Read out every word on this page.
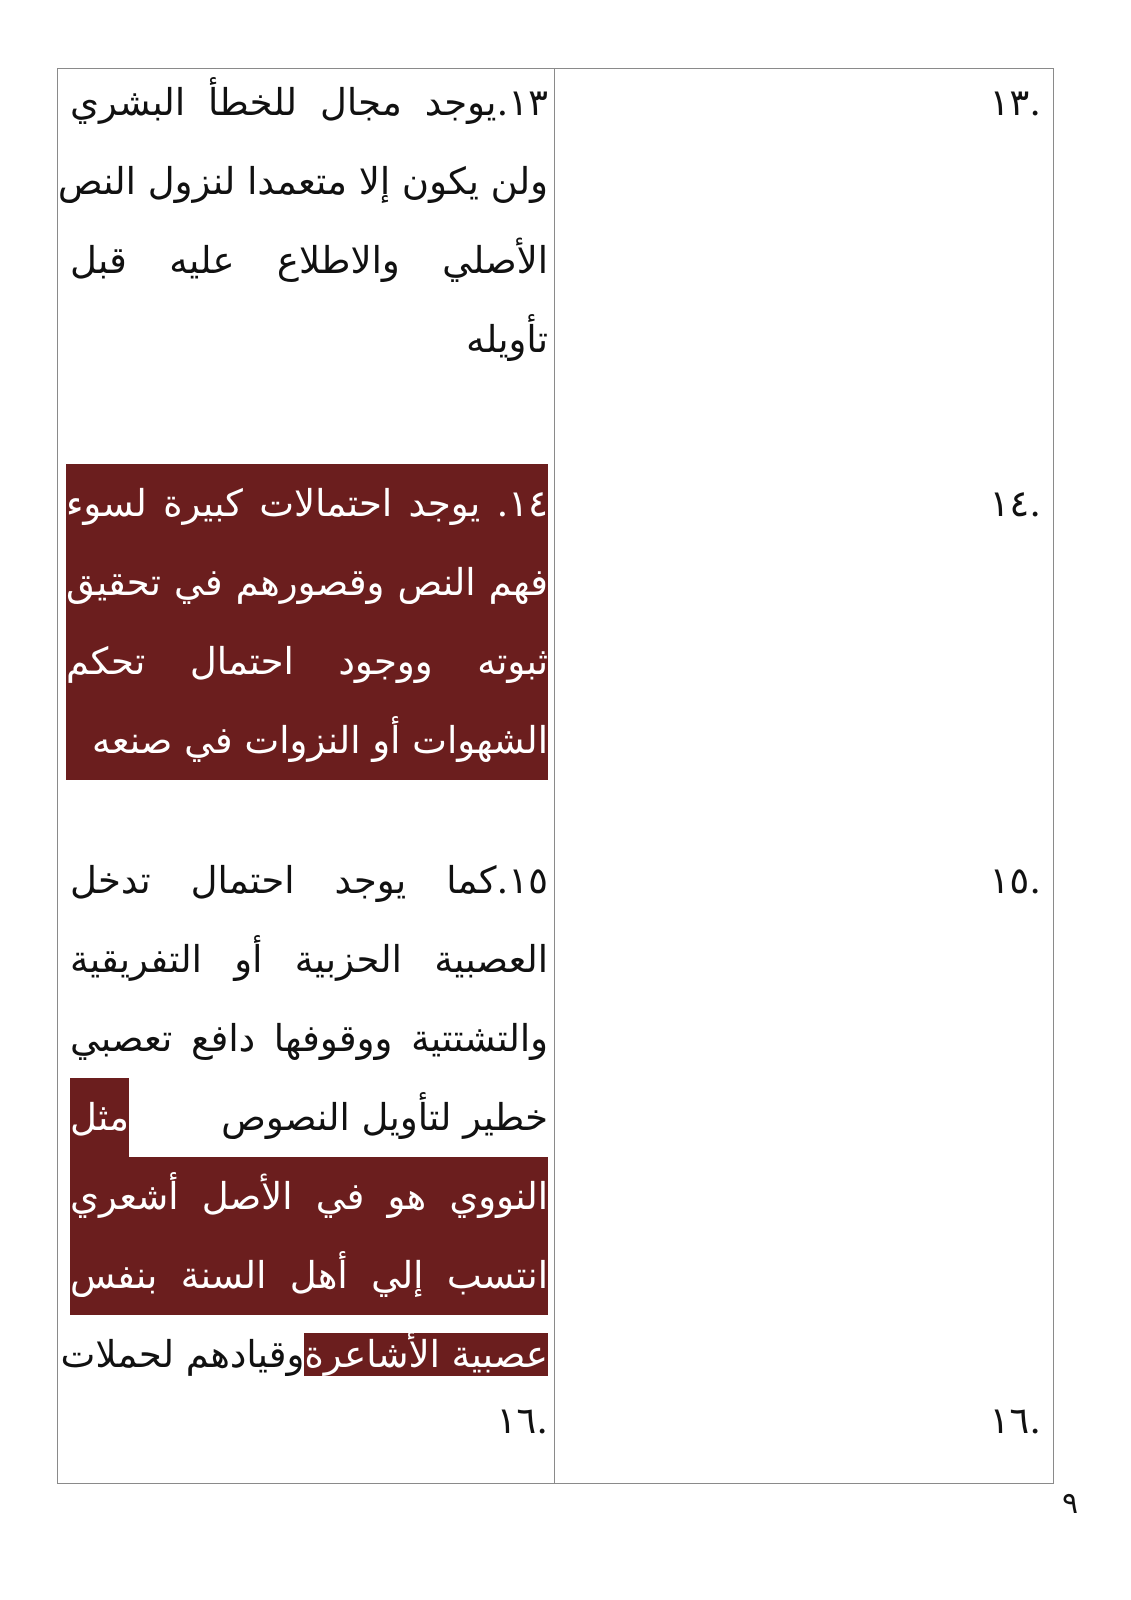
١٣.يوجد مجال للخطأ البشري
ولن يكون إلا متعمدا لنزول النص
الأصلي والاطلاع عليه قبل
تأويله
.١٣
١٤. يوجد احتمالات كبيرة لسوء
فهم النص وقصورهم في تحقيق
ثبوته ووجود احتمال تحكم
الشهوات أو النزوات في صنعه
.١٤
١٥.كما يوجد احتمال تدخل
العصبية الحزبية أو التفريقية
والتشتتية ووقوفها دافع تعصبي
خطير لتأويل النصوص
مثل
النووي هو في الأصل أشعري
انتسب إلي أهل السنة بنفس
عصبية الأشاعرةوقيادهم لحملات
.١٥
.١٦	.١٦
٩
